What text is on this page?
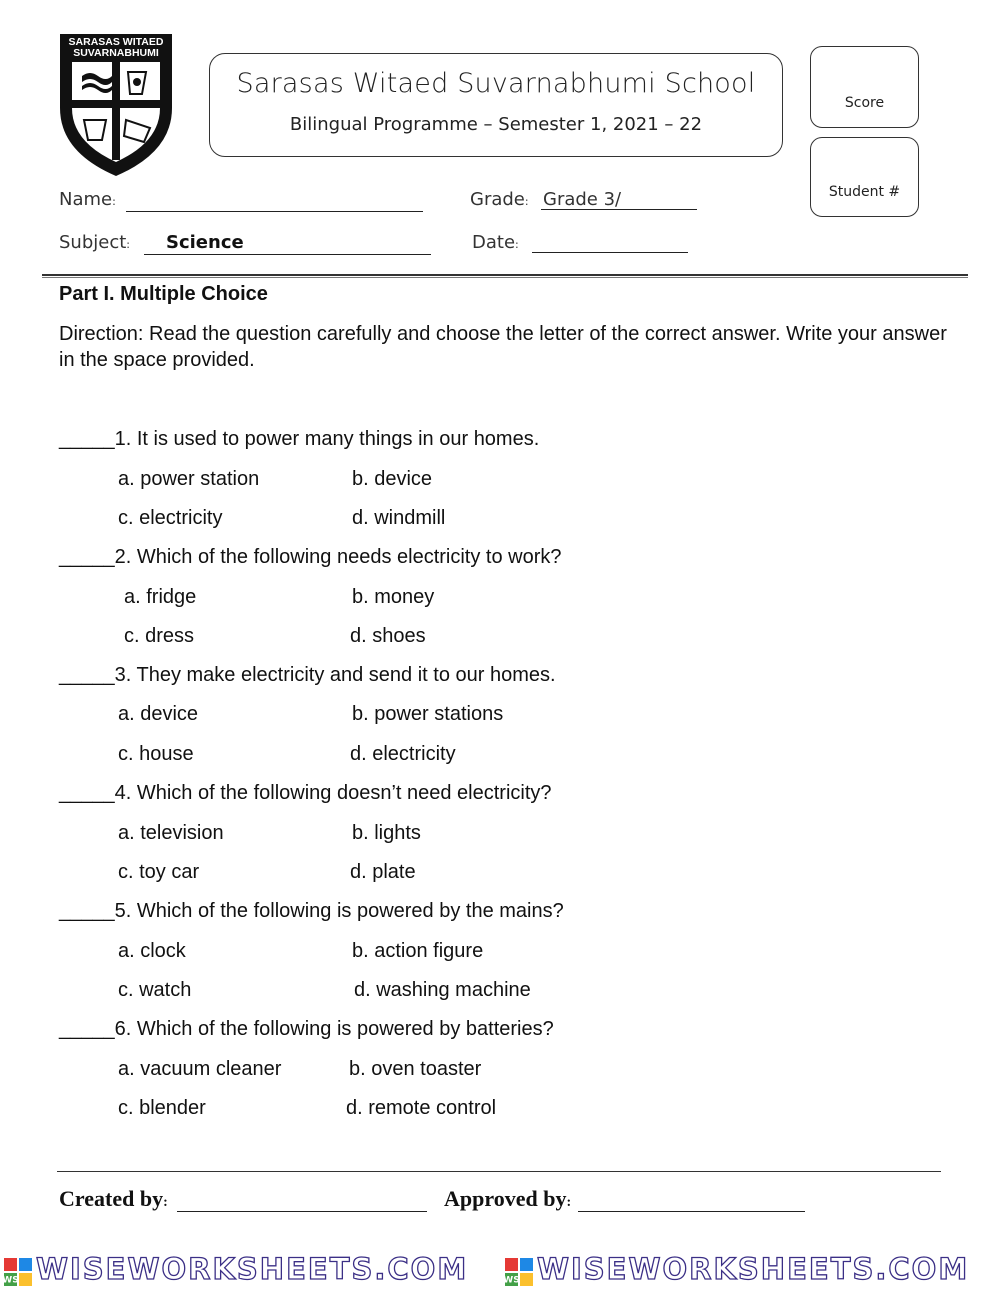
SARASAS WITAED
SUVARNABHUMI
Sarasas Witaed Suvarnabhumi School
Bilingual Programme – Semester 1, 2021 – 22
Score
Student #
Name:	Grade: Grade 3/
Subject: Science	Date:
Part I. Multiple Choice
Direction: Read the question carefully and choose the letter of the correct answer. Write your answer in the space provided.
_____1. It is used to power many things in our homes.
a. power station	b. device
c. electricity	d. windmill
_____2. Which of the following needs electricity to work?
a. fridge	b. money
c. dress	d. shoes
_____3. They make electricity and send it to our homes.
a. device	b. power stations
c. house	d. electricity
_____4. Which of the following doesn’t need electricity?
a. television	b. lights
c. toy car	d. plate
_____5. Which of the following is powered by the mains?
a. clock	b. action figure
c. watch	d. washing machine
_____6. Which of the following is powered by batteries?
a. vacuum cleaner	b. oven toaster
c. blender	d. remote control
Created by:	Approved by:
WS WISEWORKSHEETS.COM	WS WISEWORKSHEETS.COM
